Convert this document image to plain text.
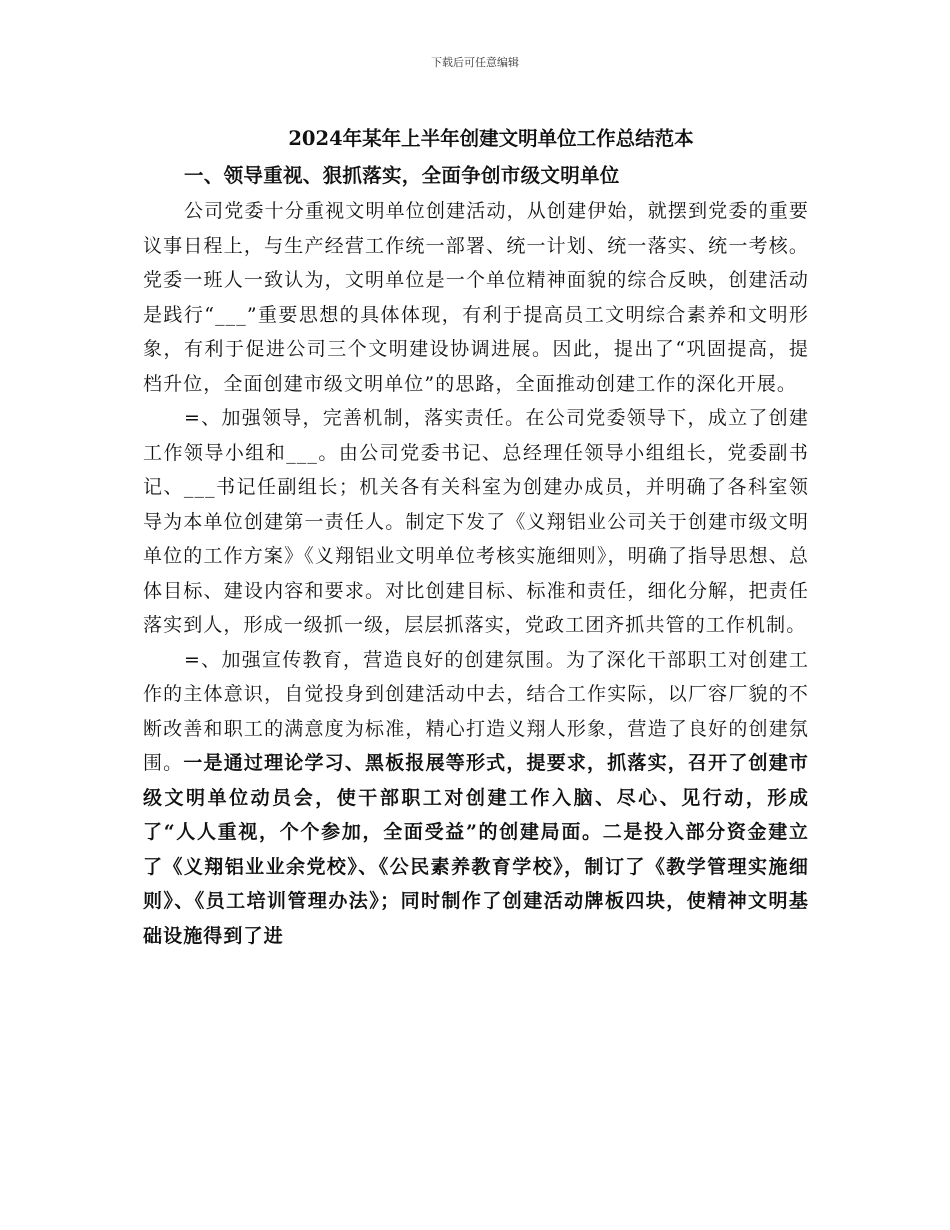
下载后可任意编辑
2024年某年上半年创建文明单位工作总结范本

一、领导重视、狠抓落实，全面争创市级文明单位

公司党委十分重视文明单位创建活动，从创建伊始，就摆到党委的重要议事日程上，与生产经营工作统一部署、统一计划、统一落实、统一考核。党委一班人一致认为，文明单位是一个单位精神面貌的综合反映，创建活动是践行“___”重要思想的具体体现，有利于提高员工文明综合素养和文明形象，有利于促进公司三个文明建设协调进展。因此，提出了“巩固提高，提档升位，全面创建市级文明单位”的思路，全面推动创建工作的深化开展。

=、加强领导，完善机制，落实责任。在公司党委领导下，成立了创建工作领导小组和___。由公司党委书记、总经理任领导小组组长，党委副书记、___书记任副组长；机关各有关科室为创建办成员，并明确了各科室领导为本单位创建第一责任人。制定下发了《义翔铝业公司关于创建市级文明单位的工作方案》《义翔铝业文明单位考核实施细则》，明确了指导思想、总体目标、建设内容和要求。对比创建目标、标准和责任，细化分解，把责任落实到人，形成一级抓一级，层层抓落实，党政工团齐抓共管的工作机制。

=、加强宣传教育，营造良好的创建氛围。为了深化干部职工对创建工作的主体意识，自觉投身到创建活动中去，结合工作实际，以厂容厂貌的不断改善和职工的满意度为标准，精心打造义翔人形象，营造了良好的创建氛围。一是通过理论学习、黑板报展等形式，提要求，抓落实，召开了创建市级文明单位动员会，使干部职工对创建工作入脑、尽心、见行动，形成了“人人重视，个个参加，全面受益”的创建局面。二是投入部分资金建立了《义翔铝业业余党校》、《公民素养教育学校》，制订了《教学管理实施细则》、《员工培训管理办法》；同时制作了创建活动牌板四块，使精神文明基础设施得到了进
